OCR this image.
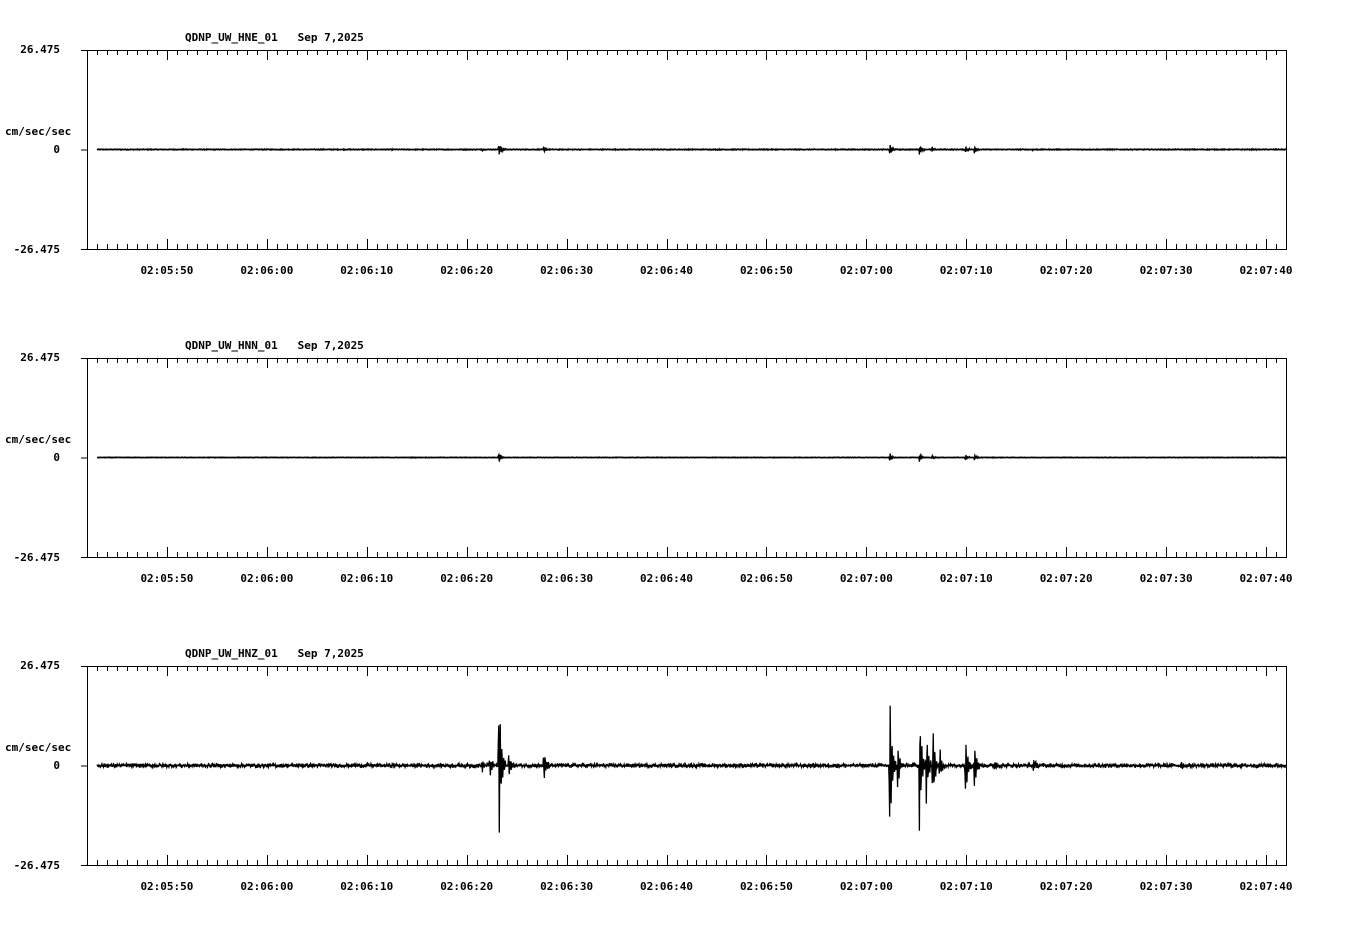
02:05:50	02:06:00	02:06:10	02:06:20	02:06:30	02:06:40	02:06:50	02:07:00	02:07:10	02:07:20	02:07:30	02:07:40
QDNP_UW_HNE_01   Sep 7,2025
cm/sec/sec
26.475
0
-26.475
02:05:50	02:06:00	02:06:10	02:06:20	02:06:30	02:06:40	02:06:50	02:07:00	02:07:10	02:07:20	02:07:30	02:07:40
QDNP_UW_HNN_01   Sep 7,2025
cm/sec/sec
26.475
0
-26.475
02:05:50	02:06:00	02:06:10	02:06:20	02:06:30	02:06:40	02:06:50	02:07:00	02:07:10	02:07:20	02:07:30	02:07:40
QDNP_UW_HNZ_01   Sep 7,2025
cm/sec/sec
26.475
0
-26.475
